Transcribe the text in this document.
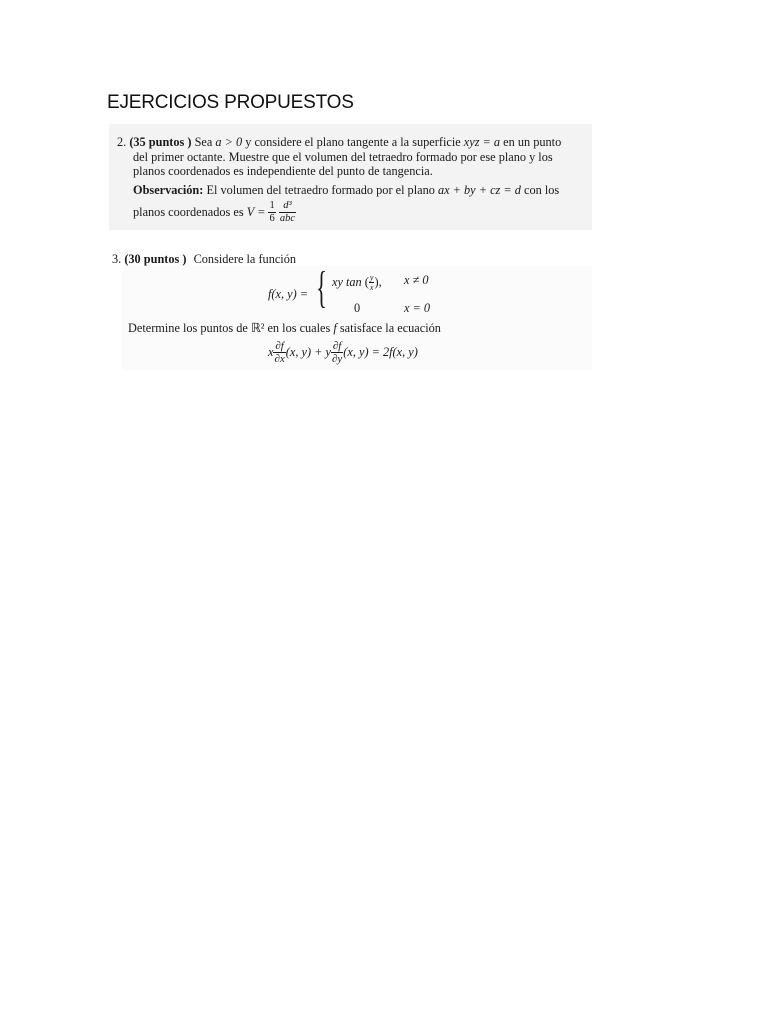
EJERCICIOS PROPUESTOS
2. (35 puntos ) Sea a > 0 y considere el plano tangente a la superficie xyz = a en un punto
del primer octante. Muestre que el volumen del tetraedro formado por ese plano y los
planos coordenados es independiente del punto de tangencia.
Observación: El volumen del tetraedro formado por el plano ax + by + cz = d con los
planos coordenados es $V = \frac{1}{6}$
$\frac{\text{d³}}{\text{abc}}$
3. (30 puntos ) Considere la función
f(x, y) = { xy tan ( $\frac{y}{x}$ ), x ≠ 0
0	x = 0
Determine los puntos de ℝ² en los cuales f satisface la ecuación
x $\frac{\partial f}{\partial x} (x$, y) + y $\frac{\partial f}{\partial y} (x$, y) = 2f(x, y)
